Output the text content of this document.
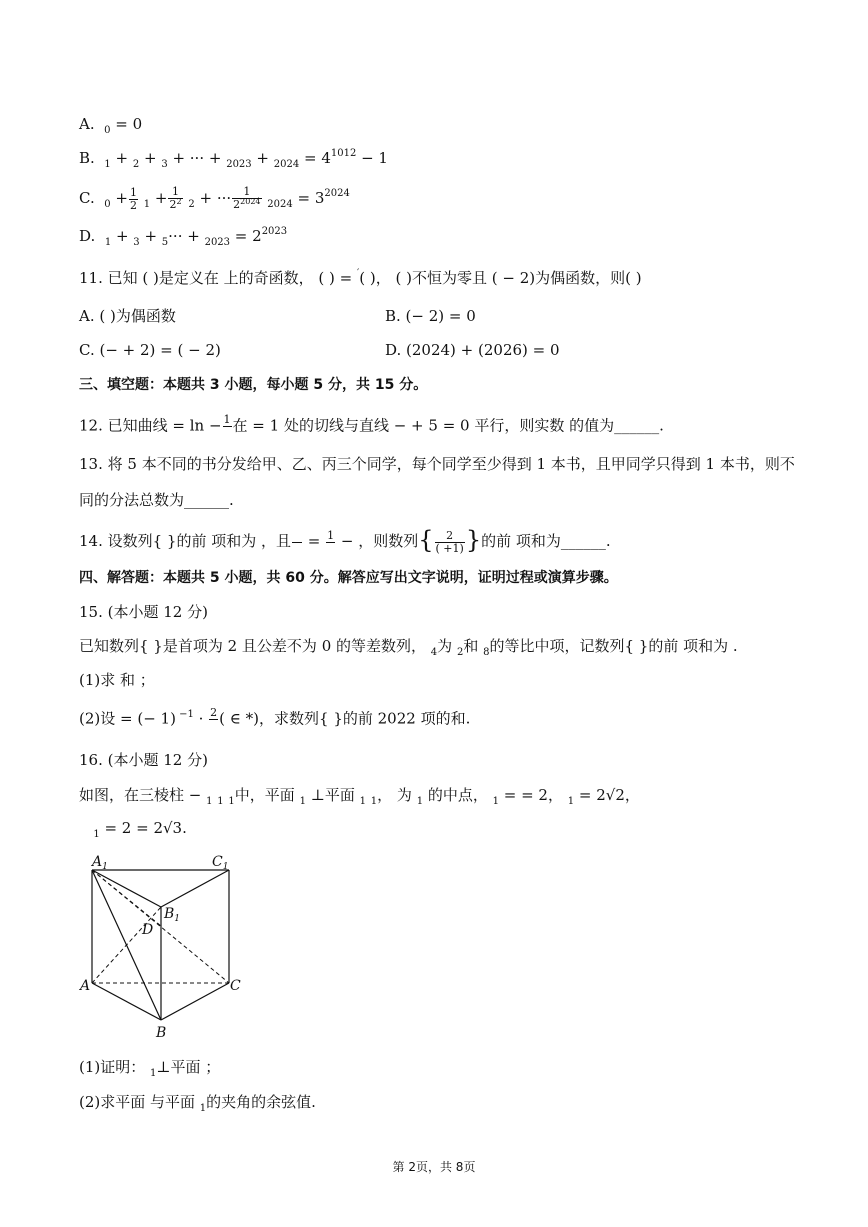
A. $_0$ = 0
B. $_1$ + $_2$ + $_3$ + ··· + $_{2023} + _{2024} = 4^{1012} - 1$
C. $_0 + \frac{1}{2} _1 + \frac{1}{2^2} _2$ + ··· $\frac{1}{2^{2024}} _{2024} = 3^{2024}$
D. $_1 + _3 + _5\cdot\cdot\cdot + _{2023} = 2^{2023}$
11. 已知 ( )是定义在 上的奇函数， ( ) = ′( )， ( )不恒为零且 ( − 2)为偶函数，则( )
A. ( )为偶函数	B. (− 2) = 0
C. (− + 2) = ( − 2)	D. (2024) + (2026) = 0
三、填空题：本题共 3 小题，每小题 5 分，共 15 分。
12. 已知曲线 = ln − 1
在 = 1 处的切线与直线 − + 5 = 0 平行，则实数 的值为______.
13. 将 5 本不同的书分发给甲、乙、丙三个同学，每个同学至少得到 1 本书，且甲同学只得到 1 本书，则不
同的分法总数为______.
14. 设数列{ }的前 项和为 ，且

= 1
− ，则数列{ $\frac{2}{( +1)}$ }的前 项和为______.
四、解答题：本题共 5 小题，共 60 分。解答应写出文字说明，证明过程或演算步骤。
15. (本小题 12 分)
已知数列{ }是首项为 2 且公差不为 0 的等差数列， $_4$为 $_2$和 $_8$的等比中项，记数列{ }的前 项和为 .
(1)求 和 ；
(2)设 = (− 1) $^{-1}$ · 2
( ∈ *)，求数列{ }的前 2022 项的和.
16. (本小题 12 分)
如图，在三棱柱 − $_1$ $_1$ $_1$中，平面 $_1$ ⊥平面 $_1$ $_1$， 为 $_1$ 的中点， $_1$ = = 2， $_1$ = 2√2，
$_1$ = 2 = 2√3.
$A_1$	$C_1$
$B_1$
D
A	C
B
(1)证明： $_1$⊥平面 ；
(2)求平面 与平面 $_1$的夹角的余弦值.
第 2页，共 8页
